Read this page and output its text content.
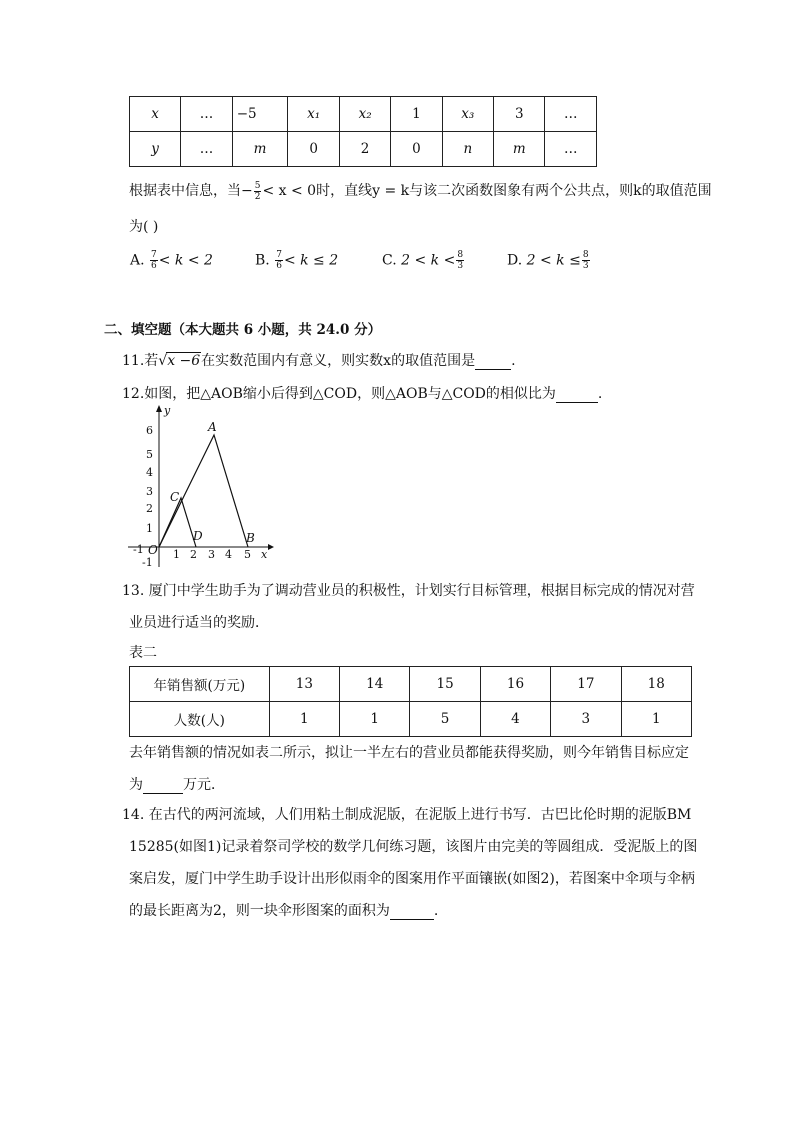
x	…	−5	x₁	x₂	1	x₃	3	…
y	…	m	0	2	0	n	m	…
根据表中信息，当− $\frac{5}{2} < x < 0$时，直线y = k与该二次函数图象有两个公共点，则k的取值范围
为( )
A. $\frac{7}{6} < k < 2$	B. $\frac{7}{6} < k \le 2$	C. $2 < k < \frac{8}{3}$	D. $2 < k \le \frac{8}{3}$
二、填空题（本大题共 6 小题，共 24.0 分）
11.若√x −6在实数范围内有意义，则实数x的取值范围是	.
12.如图，把△AOB缩小后得到△COD，则△AOB与△COD的相似比为	.
6
5
4
3
2
1
-1
-1	1 2 3 4 5
O
y
x
A
B
C
D
13. 厦门中学生助手为了调动营业员的积极性，计划实行目标管理，根据目标完成的情况对营
业员进行适当的奖励．
表二
年销售额(万元)	13	14	15	16	17	18
人数(人)	1	1	5	4	3	1
去年销售额的情况如表二所示，拟让一半左右的营业员都能获得奖励，则今年销售目标应定
为	万元．
14. 在古代的两河流域，人们用粘土制成泥版，在泥版上进行书写．古巴比伦时期的泥版BM
15285(如图1)记录着祭司学校的数学几何练习题，该图片由完美的等圆组成．受泥版上的图
案启发，厦门中学生助手设计出形似雨伞的图案用作平面镶嵌(如图2)，若图案中伞项与伞柄
的最长距离为2，则一块伞形图案的面积为	.
